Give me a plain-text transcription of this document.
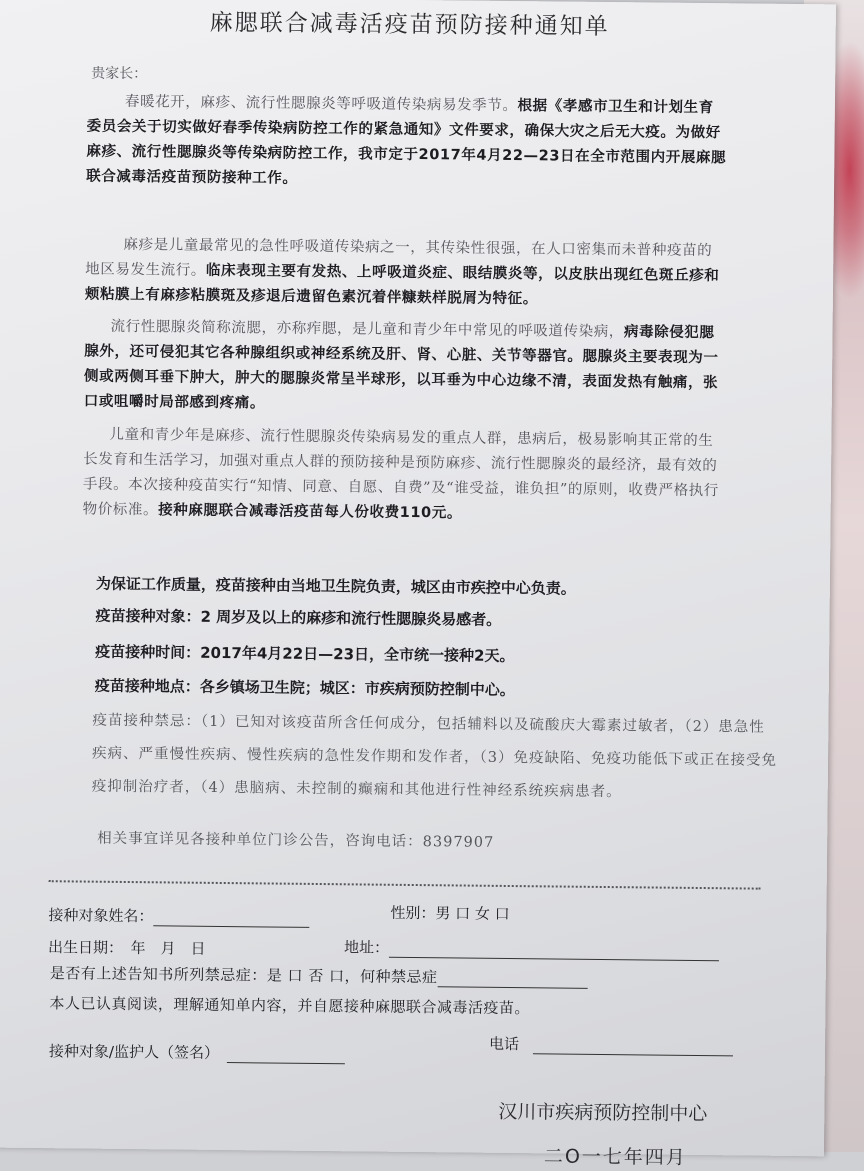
麻腮联合减毒活疫苗预防接种通知单
贵家长：
春暖花开，麻疹、流行性腮腺炎等呼吸道传染病易发季节。根据《孝感市卫生和计划生育委员会关于切实做好春季传染病防控工作的紧急通知》文件要求，确保大灾之后无大疫。为做好麻疹、流行性腮腺炎等传染病防控工作，我市定于2017年4月22—23日在全市范围内开展麻腮联合减毒活疫苗预防接种工作。
麻疹是儿童最常见的急性呼吸道传染病之一，其传染性很强，在人口密集而未普种疫苗的地区易发生流行。临床表现主要有发热、上呼吸道炎症、眼结膜炎等，以皮肤出现红色斑丘疹和颊粘膜上有麻疹粘膜斑及疹退后遗留色素沉着伴糠麸样脱屑为特征。
流行性腮腺炎简称流腮，亦称痄腮，是儿童和青少年中常见的呼吸道传染病，病毒除侵犯腮腺外，还可侵犯其它各种腺组织或神经系统及肝、肾、心脏、关节等器官。腮腺炎主要表现为一侧或两侧耳垂下肿大，肿大的腮腺炎常呈半球形，以耳垂为中心边缘不清，表面发热有触痛，张口或咀嚼时局部感到疼痛。
儿童和青少年是麻疹、流行性腮腺炎传染病易发的重点人群，患病后，极易影响其正常的生长发育和生活学习，加强对重点人群的预防接种是预防麻疹、流行性腮腺炎的最经济，最有效的手段。本次接种疫苗实行“知情、同意、自愿、自费”及“谁受益，谁负担”的原则，收费严格执行物价标准。接种麻腮联合减毒活疫苗每人份收费110元。
为保证工作质量，疫苗接种由当地卫生院负责，城区由市疾控中心负责。
疫苗接种对象：2 周岁及以上的麻疹和流行性腮腺炎易感者。
疫苗接种时间：2017年4月22日—23日，全市统一接种2天。
疫苗接种地点：各乡镇场卫生院；城区：市疾病预防控制中心。
疫苗接种禁忌：（1）已知对该疫苗所含任何成分，包括辅料以及硫酸庆大霉素过敏者，（2）患急性疾病、严重慢性疾病、慢性疾病的急性发作期和发作者，（3）免疫缺陷、免疫功能低下或正在接受免疫抑制治疗者，（4）患脑病、未控制的癫痫和其他进行性神经系统疾病患者。
相关事宜详见各接种单位门诊公告，咨询电话：8397907
接种对象姓名：	性别：男 口 女 口
出生日期：　年　月　日	地址：
是否有上述告知书所列禁忌症：是 口 否 口，何种禁忌症
本人已认真阅读，理解通知单内容，并自愿接种麻腮联合减毒活疫苗。
接种对象/监护人（签名）	电话
汉川市疾病预防控制中心
二O一七年四月
